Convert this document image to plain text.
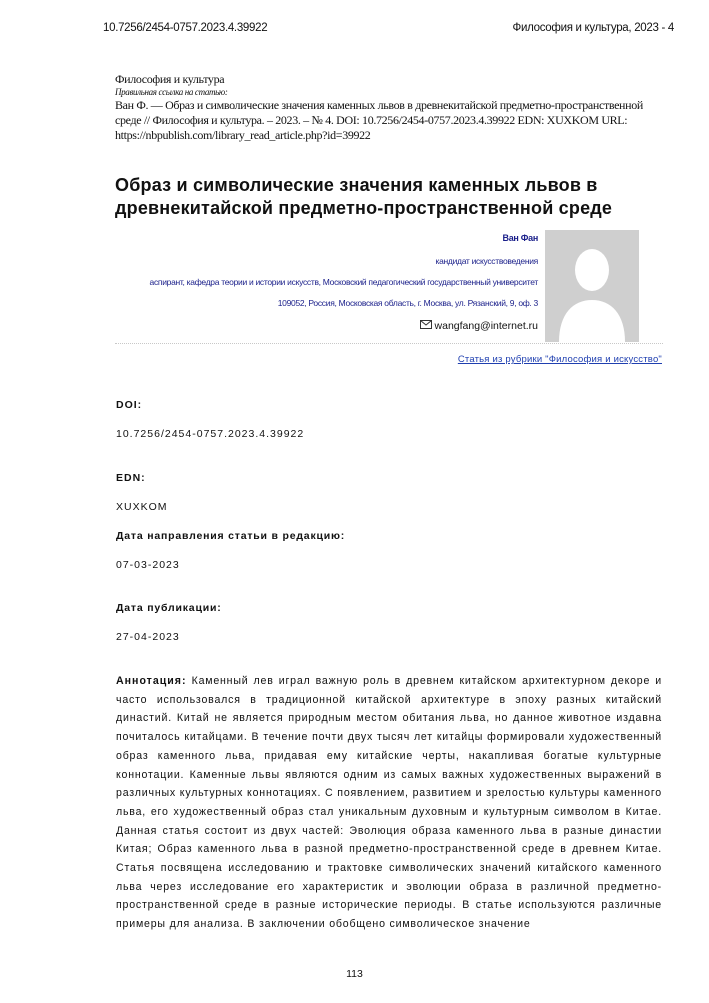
10.7256/2454-0757.2023.4.39922	Философия и культура, 2023 - 4
Философия и культура
Правильная ссылка на статью:
Ван Ф. — Образ и символические значения каменных львов в древнекитайской предметно-пространственной среде // Философия и культура. – 2023. – № 4. DOI: 10.7256/2454-0757.2023.4.39922 EDN: XUXKOM URL: https://nbpublish.com/library_read_article.php?id=39922
Образ и символические значения каменных львов в древнекитайской предметно-пространственной среде
Ван Фан
кандидат искусствоведения
аспирант, кафедра теории и истории искусств, Московский педагогический государственный университет
109052, Россия, Московская область, г. Москва, ул. Рязанский, 9, оф. 3
wangfang@internet.ru
Статья из рубрики "Философия и искусство"
DOI:
10.7256/2454-0757.2023.4.39922
EDN:
XUXKOM
Дата направления статьи в редакцию:
07-03-2023
Дата публикации:
27-04-2023
Аннотация: Каменный лев играл важную роль в древнем китайском архитектурном декоре и часто использовался в традиционной китайской архитектуре в эпоху разных китайский династий. Китай не является природным местом обитания льва, но данное животное издавна почиталось китайцами. В течение почти двух тысяч лет китайцы формировали художественный образ каменного льва, придавая ему китайские черты, накапливая богатые культурные коннотации. Каменные львы являются одним из самых важных художественных выражений в различных культурных коннотациях. С появлением, развитием и зрелостью культуры каменного льва, его художественный образ стал уникальным духовным и культурным символом в Китае. Данная статья состоит из двух частей: Эволюция образа каменного льва в разные династии Китая; Образ каменного льва в разной предметно-пространственной среде в древнем Китае. Статья посвящена исследованию и трактовке символических значений китайского каменного льва через исследование его характеристик и эволюции образа в различной предметно-пространственной среде в разные исторические периоды. В статье используются различные примеры для анализа. В заключении обобщено символическое значение
113
